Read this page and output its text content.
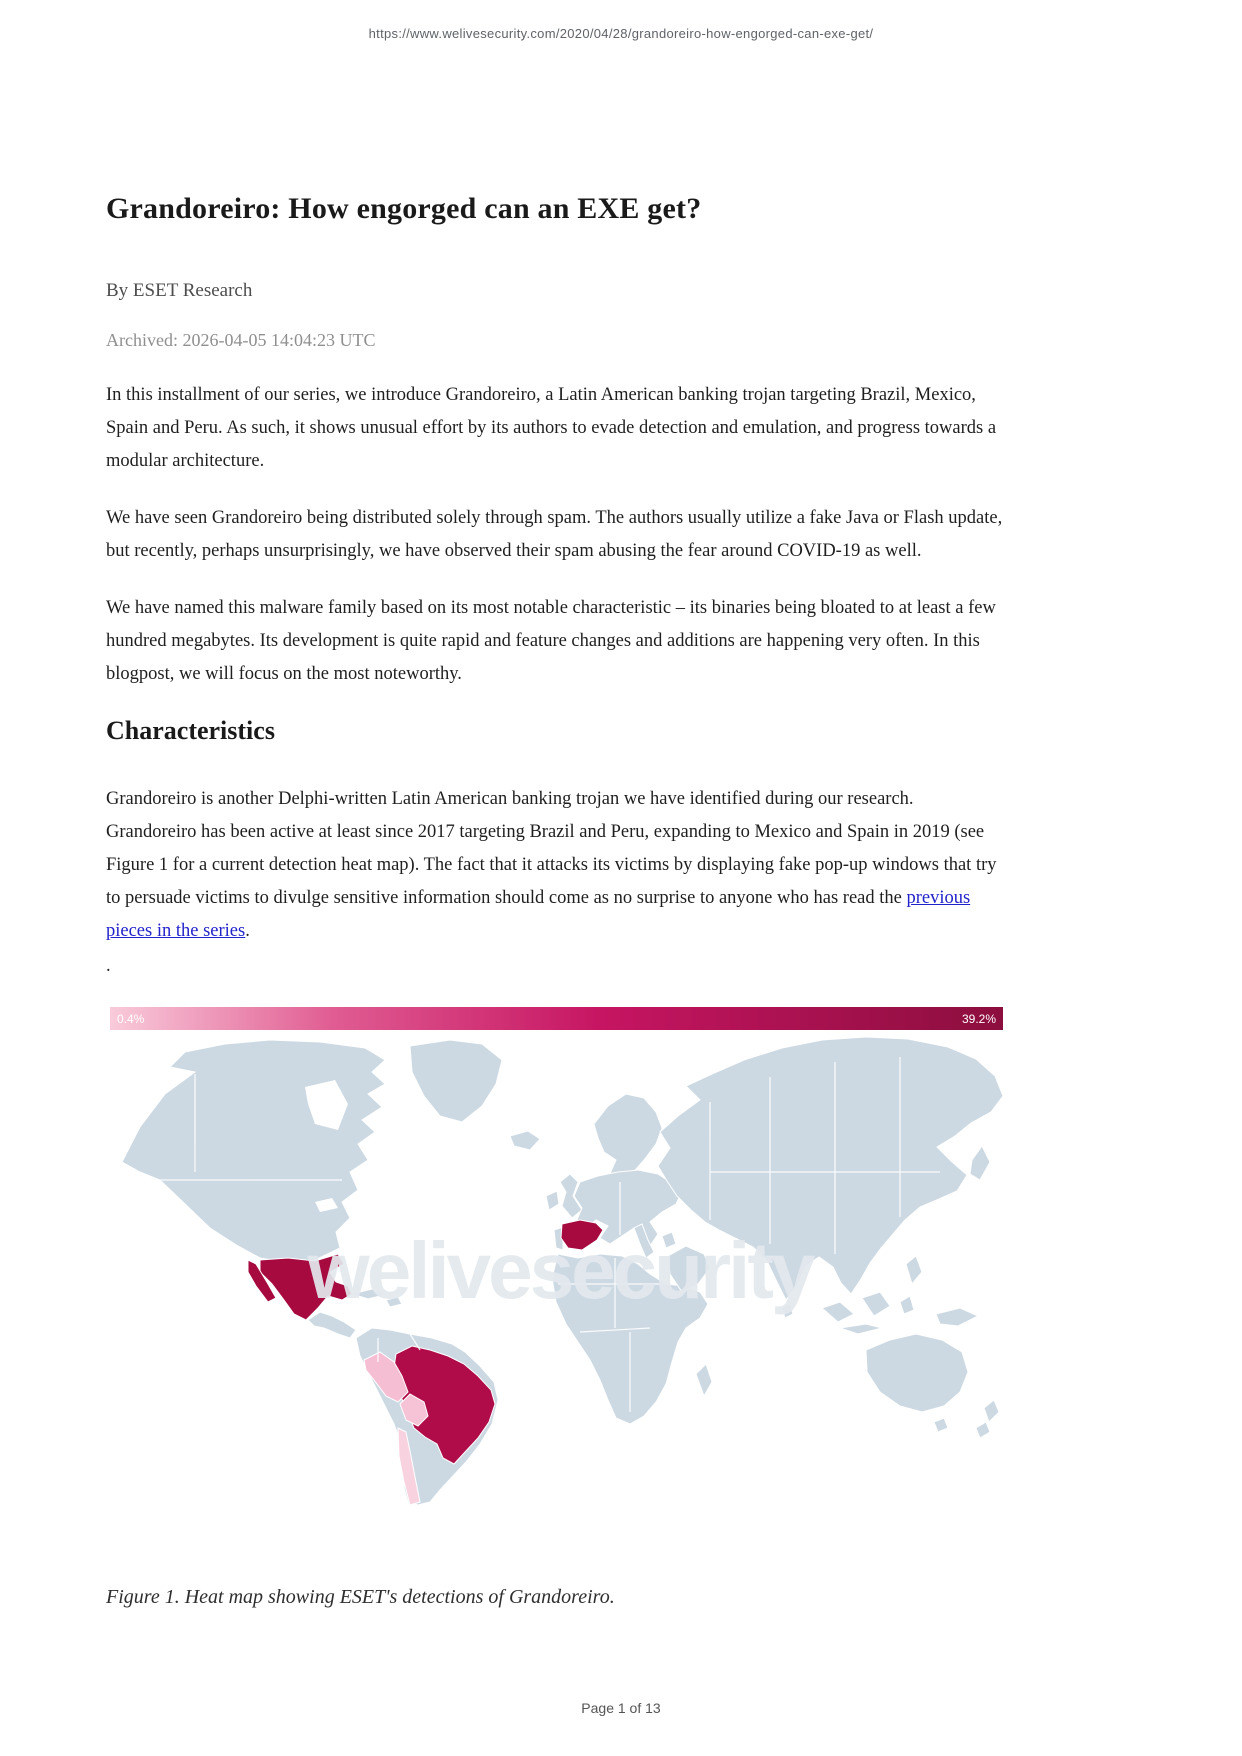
https://www.welivesecurity.com/2020/04/28/grandoreiro-how-engorged-can-exe-get/
Grandoreiro: How engorged can an EXE get?

By ESET Research

Archived: 2026-04-05 14:04:23 UTC

In this installment of our series, we introduce Grandoreiro, a Latin American banking trojan targeting Brazil, Mexico, Spain and Peru. As such, it shows unusual effort by its authors to evade detection and emulation, and progress towards a modular architecture.

We have seen Grandoreiro being distributed solely through spam. The authors usually utilize a fake Java or Flash update, but recently, perhaps unsurprisingly, we have observed their spam abusing the fear around COVID-19 as well.

We have named this malware family based on its most notable characteristic – its binaries being bloated to at least a few hundred megabytes. Its development is quite rapid and feature changes and additions are happening very often. In this blogpost, we will focus on the most noteworthy.

Characteristics

Grandoreiro is another Delphi-written Latin American banking trojan we have identified during our research. Grandoreiro has been active at least since 2017 targeting Brazil and Peru, expanding to Mexico and Spain in 2019 (see Figure 1 for a current detection heat map). The fact that it attacks its victims by displaying fake pop-up windows that try to persuade victims to divulge sensitive information should come as no surprise to anyone who has read the previous pieces in the series.

.

0.4%	39.2%
welivesecurity

Figure 1. Heat map showing ESET's detections of Grandoreiro.

Page 1 of 13
